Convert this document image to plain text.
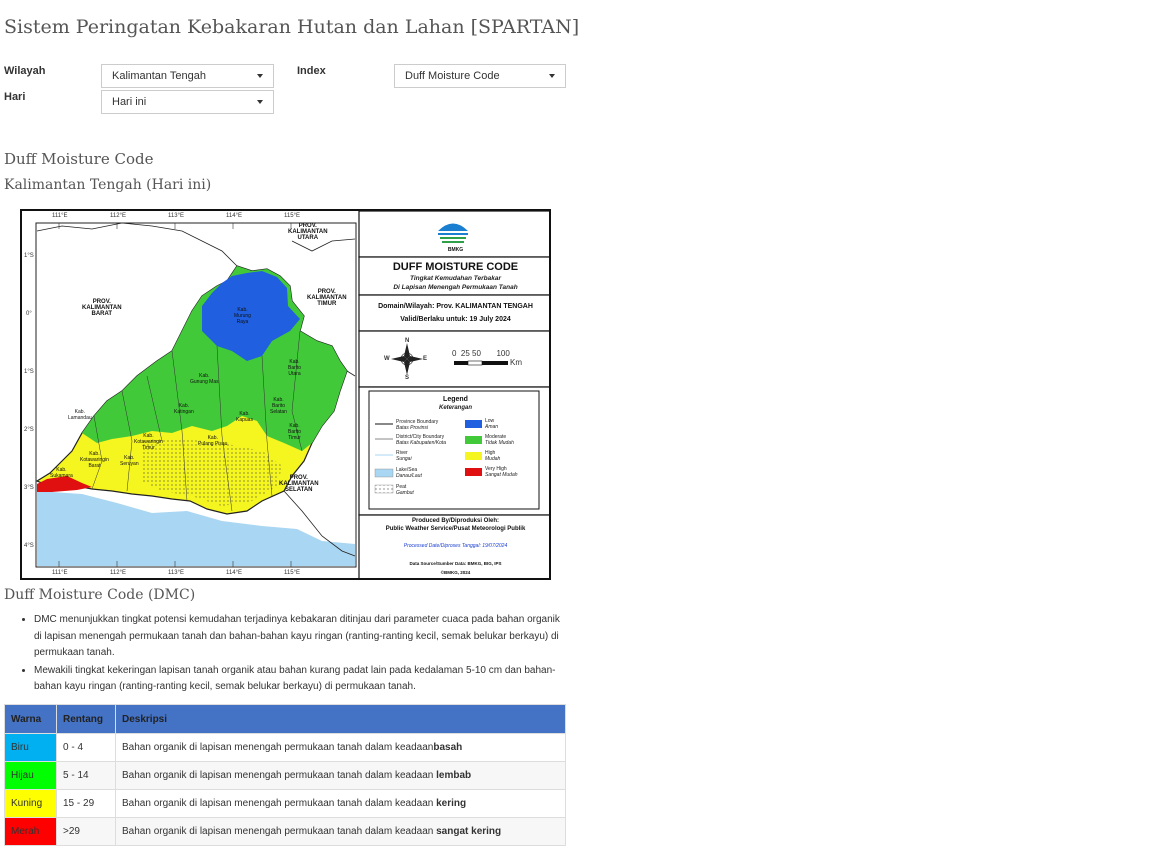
Sistem Peringatan Kebakaran Hutan dan Lahan [SPARTAN]
Wilayah	Kalimantan Tengah
Hari	Hari ini
Index	Duff Moisture Code
Duff Moisture Code
Kalimantan Tengah (Hari ini)
111°E	112°E	113°E	114°E	115°E
111°E	112°E	113°E	114°E	115°E
1°S
0°
1°S
2°S
3°S
4°S
PROV.
KALIMANTAN
BARAT
PROV.
KALIMANTAN
TIMUR
PROV.
KALIMANTAN
UTARA
PROV.
KALIMANTAN
SELATAN
Kab.
Murung
Raya
Kab.
Barito
Utara
Kab.
Gunung Mas
Kab.
Katingan
Kab.
Lamandau
Kab.
Kapuas
Kab.
Barito
Selatan
Kab.
Barito
Timur
Kab.
Kotawaringin
Timur
Kab.
Seruyan
Kab.
Kotawaringin
Barat
Kab.
Sukamara
Kab.
Pulang Pisau
BMKG
DUFF MOISTURE CODE
Tingkat Kemudahan Terbakar
Di Lapisan Menengah Permukaan Tanah
Domain/Wilayah: Prov. KALIMANTAN TENGAH
Valid/Berlaku untuk: 19 July 2024
N
S
E
W
0  25 50       100
Km
Legend
Keterangan
Province Boundary
Batas Provinsi
District/City Boundary
Batas Kabupaten/Kota
River
Sungai
Lake/Sea
Danau/Laut
Peat
Gambut
Low
Aman
Moderate
Tidak Mudah
High
Mudah
Very High
Sangat Mudah
Produced By/Diproduksi Oleh:
Public Weather Service/Pusat Meteorologi Publik
Processed Date/Diproses Tanggal: 19/07/2024
Data Source/Sumber Data: BMKG, BIG, IPS
©BMKG, 2024
Duff Moisture Code (DMC)
• DMC menunjukkan tingkat potensi kemudahan terjadinya kebakaran ditinjau dari parameter cuaca pada bahan organik di lapisan menengah permukaan tanah dan bahan-bahan kayu ringan (ranting-ranting kecil, semak belukar berkayu) di permukaan tanah.
• Mewakili tingkat kekeringan lapisan tanah organik atau bahan kurang padat lain pada kedalaman 5-10 cm dan bahan-bahan kayu ringan (ranting-ranting kecil, semak belukar berkayu) di permukaan tanah.
Warna	Rentang	Deskripsi
Biru	0 - 4	Bahan organik di lapisan menengah permukaan tanah dalam keadaanbasah
Hijau	5 - 14	Bahan organik di lapisan menengah permukaan tanah dalam keadaan lembab
Kuning	15 - 29	Bahan organik di lapisan menengah permukaan tanah dalam keadaan kering
Merah	>29	Bahan organik di lapisan menengah permukaan tanah dalam keadaan sangat kering
